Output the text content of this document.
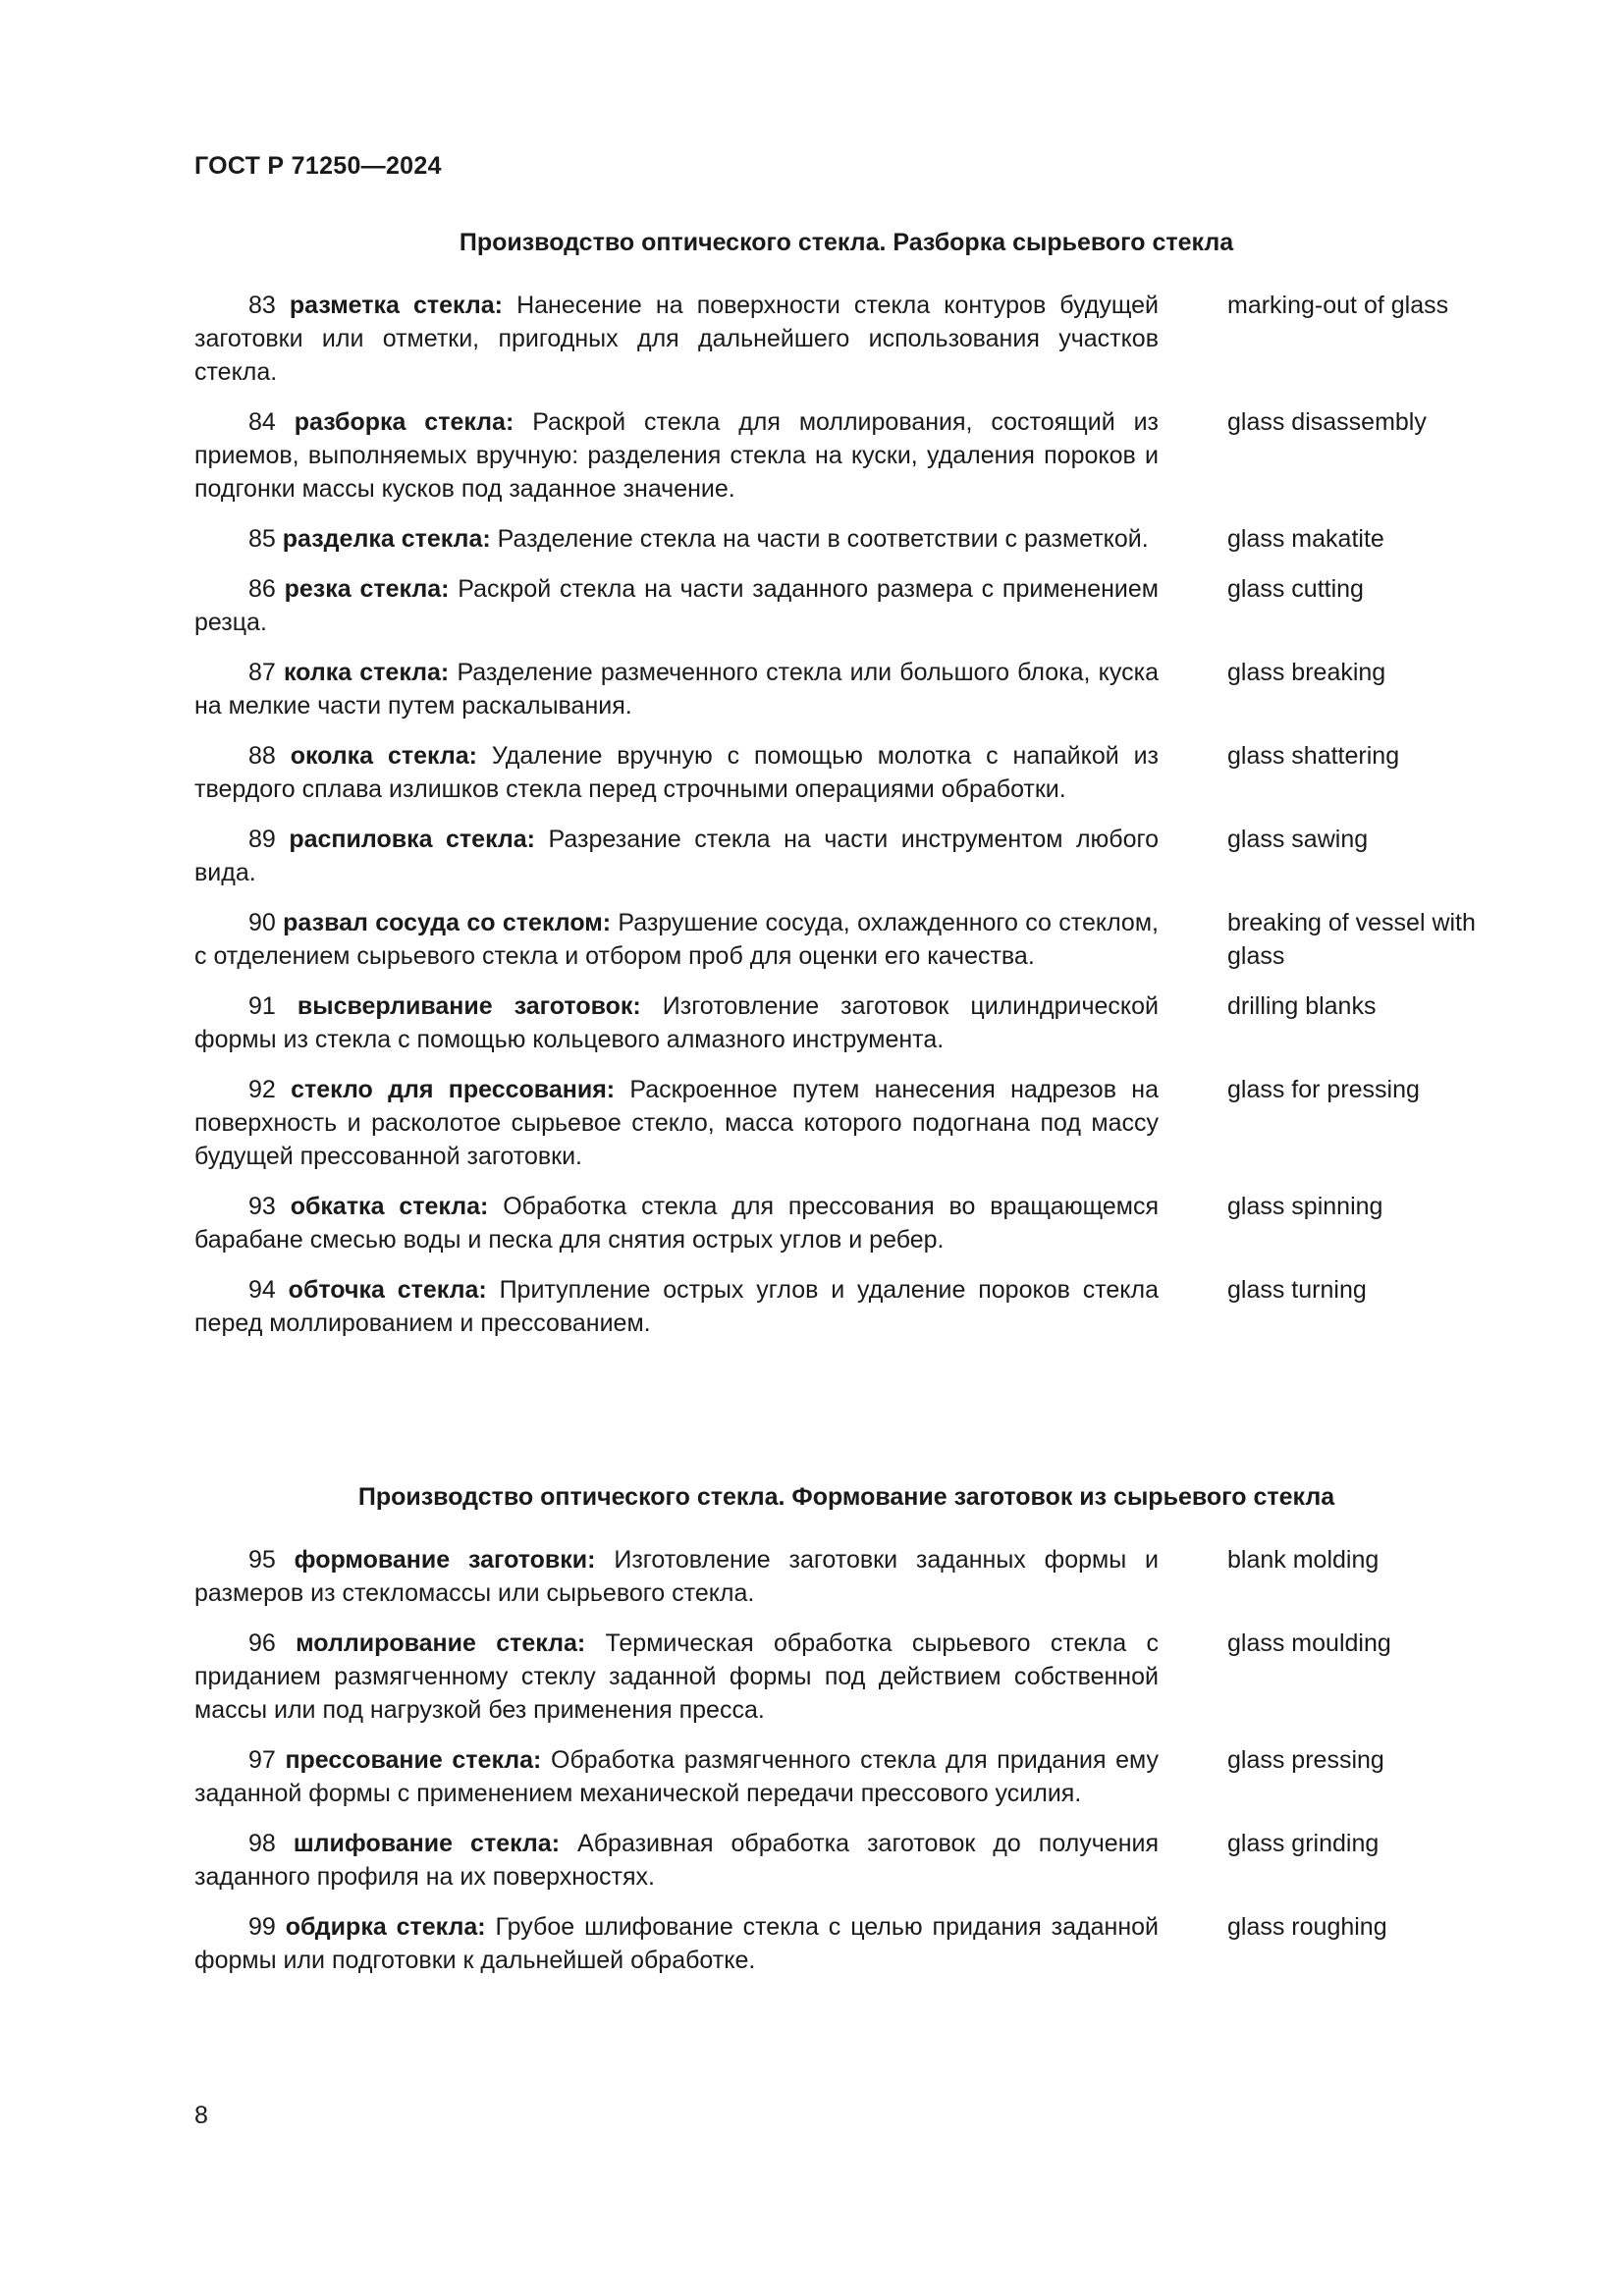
ГОСТ Р 71250—2024
Производство оптического стекла. Разборка сырьевого стекла

83 разметка стекла: Нанесение на поверхности стекла контуров будущей заготовки или отметки, пригодных для дальнейшего использования участков стекла.

marking-out of glass

84 разборка стекла: Раскрой стекла для моллирования, состоящий из приемов, выполняемых вручную: разделения стекла на куски, удаления пороков и подгонки массы кусков под заданное значение.

glass disassembly

85 разделка стекла: Разделение стекла на части в соответствии с разметкой.	glass makatite

86 резка стекла: Раскрой стекла на части заданного размера с применением резца.

glass cutting

87 колка стекла: Разделение размеченного стекла или большого блока, куска на мелкие части путем раскалывания.

glass breaking

88 околка стекла: Удаление вручную с помощью молотка с напайкой из твердого сплава излишков стекла перед строчными операциями обработки.

glass shattering

89 распиловка стекла: Разрезание стекла на части инструментом любого вида.

glass sawing

90 развал сосуда со стеклом: Разрушение сосуда, охлажденного со стеклом, с отделением сырьевого стекла и отбором проб для оценки его качества.

breaking of vessel with glass

91 высверливание заготовок: Изготовление заготовок цилиндрической формы из стекла с помощью кольцевого алмазного инструмента.

drilling blanks

92 стекло для прессования: Раскроенное путем нанесения надрезов на поверхность и расколотое сырьевое стекло, масса которого подогнана под массу будущей прессованной заготовки.

glass for pressing

93 обкатка стекла: Обработка стекла для прессования во вращающемся барабане смесью воды и песка для снятия острых углов и ребер.

glass spinning

94 обточка стекла: Притупление острых углов и удаление пороков стекла перед моллированием и прессованием.

glass turning
Производство оптического стекла. Формование заготовок из сырьевого стекла

95 формование заготовки: Изготовление заготовки заданных формы и размеров из стекломассы или сырьевого стекла.

blank molding

96 моллирование стекла: Термическая обработка сырьевого стекла с приданием размягченному стеклу заданной формы под действием собственной массы или под нагрузкой без применения пресса.

glass moulding

97 прессование стекла: Обработка размягченного стекла для придания ему заданной формы с применением механической передачи прессового усилия.

glass pressing

98 шлифование стекла: Абразивная обработка заготовок до получения заданного профиля на их поверхностях.

glass grinding

99 обдирка стекла: Грубое шлифование стекла с целью придания заданной формы или подготовки к дальнейшей обработке.

glass roughing
8
